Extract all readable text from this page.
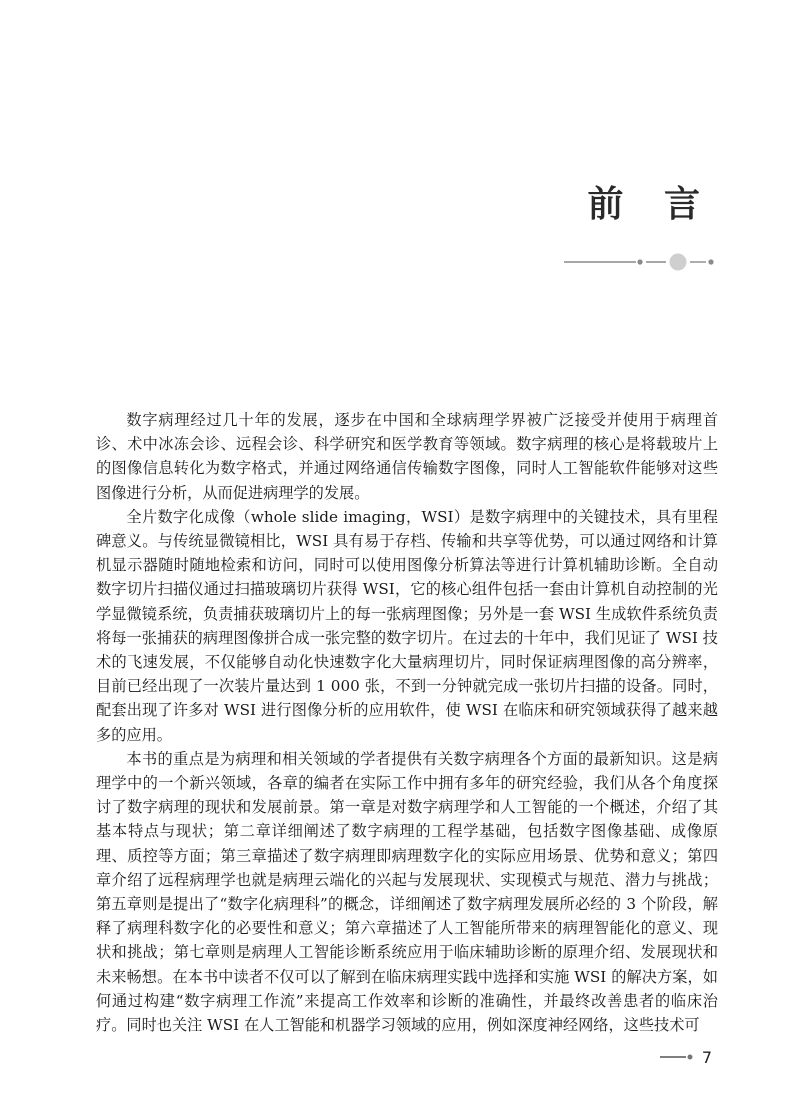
前 言

数字病理经过几十年的发展，逐步在中国和全球病理学界被广泛接受并使用于病理首诊、术中冰冻会诊、远程会诊、科学研究和医学教育等领域。数字病理的核心是将载玻片上的图像信息转化为数字格式，并通过网络通信传输数字图像，同时人工智能软件能够对这些图像进行分析，从而促进病理学的发展。

全片数字化成像（whole slide imaging，WSI）是数字病理中的关键技术，具有里程碑意义。与传统显微镜相比，WSI 具有易于存档、传输和共享等优势，可以通过网络和计算机显示器随时随地检索和访问，同时可以使用图像分析算法等进行计算机辅助诊断。全自动数字切片扫描仪通过扫描玻璃切片获得 WSI，它的核心组件包括一套由计算机自动控制的光学显微镜系统，负责捕获玻璃切片上的每一张病理图像；另外是一套 WSI 生成软件系统负责将每一张捕获的病理图像拼合成一张完整的数字切片。在过去的十年中，我们见证了 WSI 技术的飞速发展，不仅能够自动化快速数字化大量病理切片，同时保证病理图像的高分辨率，目前已经出现了一次装片量达到 1 000 张，不到一分钟就完成一张切片扫描的设备。同时，配套出现了许多对 WSI 进行图像分析的应用软件，使 WSI 在临床和研究领域获得了越来越多的应用。

本书的重点是为病理和相关领域的学者提供有关数字病理各个方面的最新知识。这是病理学中的一个新兴领域，各章的编者在实际工作中拥有多年的研究经验，我们从各个角度探讨了数字病理的现状和发展前景。第一章是对数字病理学和人工智能的一个概述，介绍了其基本特点与现状；第二章详细阐述了数字病理的工程学基础，包括数字图像基础、成像原理、质控等方面；第三章描述了数字病理即病理数字化的实际应用场景、优势和意义；第四章介绍了远程病理学也就是病理云端化的兴起与发展现状、实现模式与规范、潜力与挑战；第五章则是提出了“数字化病理科”的概念，详细阐述了数字病理发展所必经的 3 个阶段，解释了病理科数字化的必要性和意义；第六章描述了人工智能所带来的病理智能化的意义、现状和挑战；第七章则是病理人工智能诊断系统应用于临床辅助诊断的原理介绍、发展现状和未来畅想。在本书中读者不仅可以了解到在临床病理实践中选择和实施 WSI 的解决方案，如何通过构建“数字病理工作流”来提高工作效率和诊断的准确性，并最终改善患者的临床治疗。同时也关注 WSI 在人工智能和机器学习领域的应用，例如深度神经网络，这些技术可

7
